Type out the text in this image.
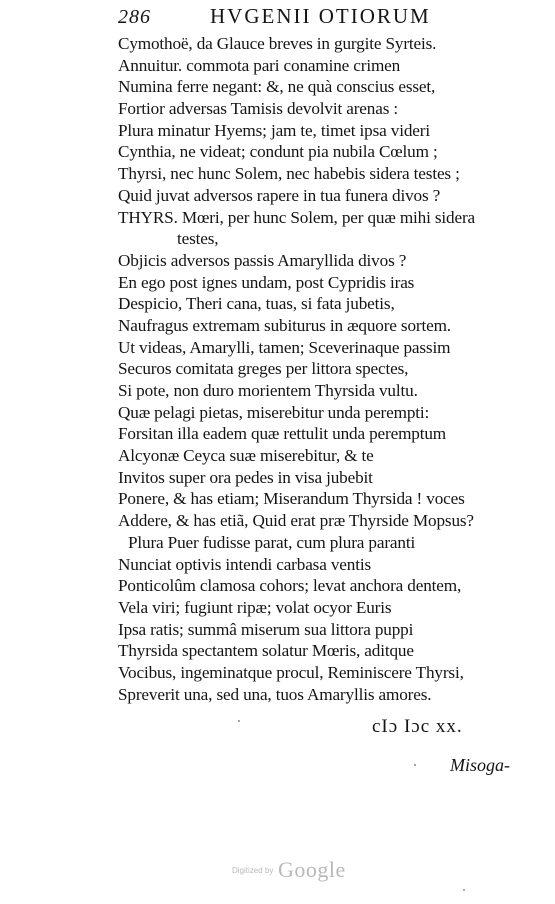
286	HVGENII OTIORUM
Cymothoë, da Glauce breves in gurgite Syrteis.
Annuitur. commota pari conamine crimen
Numina ferre negant: &, ne quà conscius esset,
Fortior adversas Tamisis devolvit arenas :
Plura minatur Hyems; jam te, timet ipsa videri
Cynthia, ne videat; condunt pia nubila Cœlum ;
Thyrsi, nec hunc Solem, nec habebis sidera testes ;
Quid juvat adversos rapere in tua funera divos ?
THYRS. Mœri, per hunc Solem, per quæ mihi sidera
testes,
Objicis adversos passis Amaryllida divos ?
En ego post ignes undam, post Cypridis iras
Despicio, Theri cana, tuas, si fata jubetis,
Naufragus extremam subiturus in æquore sortem.
Ut videas, Amarylli, tamen; Sceverinaque passim
Securos comitata greges per littora spectes,
Si pote, non duro morientem Thyrsida vultu.
Quæ pelagi pietas, miserebitur unda perempti:
Forsitan illa eadem quæ rettulit unda peremptum
Alcyonæ Ceyca suæ miserebitur, & te
Invitos super ora pedes in visa jubebit
Ponere, & has etiam; Miserandum Thyrsida ! voces
Addere, & has etiã, Quid erat præ Thyrside Mopsus?
Plura Puer fudisse parat, cum plura paranti
Nunciat optivis intendi carbasa ventis
Ponticolûm clamosa cohors; levat anchora dentem,
Vela viri; fugiunt ripæ; volat ocyor Euris
Ipsa ratis; summâ miserum sua littora puppi
Thyrsida spectantem solatur Mœris, aditque
Vocibus, ingeminatque procul, Reminiscere Thyrsi,
Spreverit una, sed una, tuos Amaryllis amores.
cIɔ Iɔc xx.
Misoga-
Digitized by Google
